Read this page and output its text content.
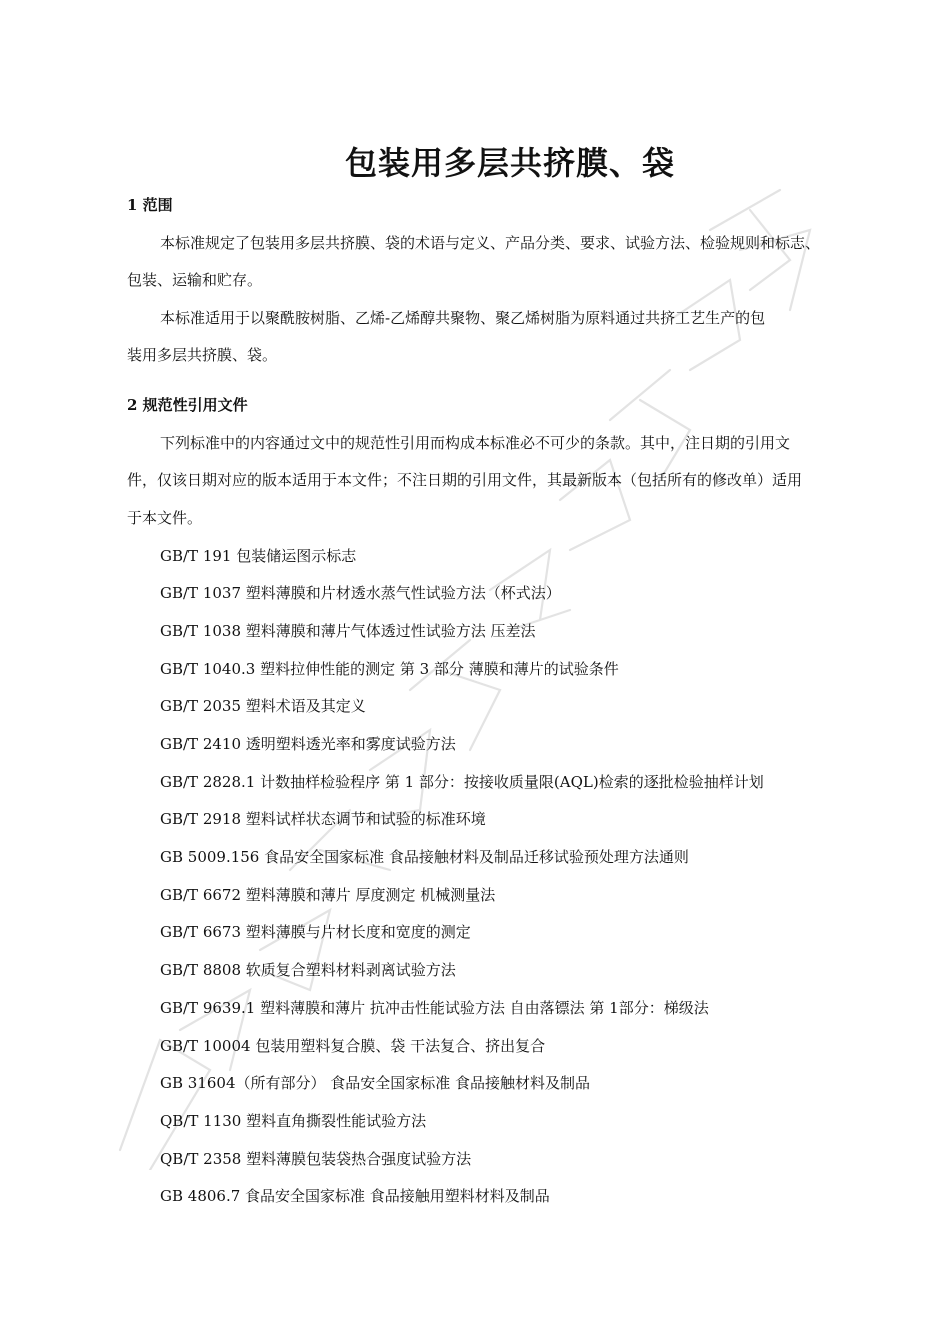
包装用多层共挤膜、袋
1 范围

本标准规定了包装用多层共挤膜、袋的术语与定义、产品分类、要求、试验方法、检验规则和标志、

包装、运输和贮存。

本标准适用于以聚酰胺树脂、乙烯-乙烯醇共聚物、聚乙烯树脂为原料通过共挤工艺生产的包

装用多层共挤膜、袋。

2 规范性引用文件

下列标准中的内容通过文中的规范性引用而构成本标准必不可少的条款。其中，注日期的引用文

件，仅该日期对应的版本适用于本文件；不注日期的引用文件，其最新版本（包括所有的修改单）适用

于本文件。

GB/T 191 包装储运图示标志

GB/T 1037 塑料薄膜和片材透水蒸气性试验方法（杯式法）

GB/T 1038 塑料薄膜和薄片气体透过性试验方法 压差法

GB/T 1040.3 塑料拉伸性能的测定 第 3 部分 薄膜和薄片的试验条件

GB/T 2035 塑料术语及其定义

GB/T 2410 透明塑料透光率和雾度试验方法

GB/T 2828.1 计数抽样检验程序 第 1 部分：按接收质量限(AQL)检索的逐批检验抽样计划

GB/T 2918 塑料试样状态调节和试验的标准环境

GB 5009.156 食品安全国家标准 食品接触材料及制品迁移试验预处理方法通则

GB/T 6672 塑料薄膜和薄片 厚度测定 机械测量法

GB/T 6673 塑料薄膜与片材长度和宽度的测定

GB/T 8808 软质复合塑料材料剥离试验方法

GB/T 9639.1 塑料薄膜和薄片 抗冲击性能试验方法 自由落镖法 第 1部分：梯级法

GB/T 10004 包装用塑料复合膜、袋 干法复合、挤出复合

GB 31604（所有部分） 食品安全国家标准 食品接触材料及制品

QB/T 1130 塑料直角撕裂性能试验方法

QB/T 2358 塑料薄膜包装袋热合强度试验方法

GB 4806.7 食品安全国家标准 食品接触用塑料材料及制品
